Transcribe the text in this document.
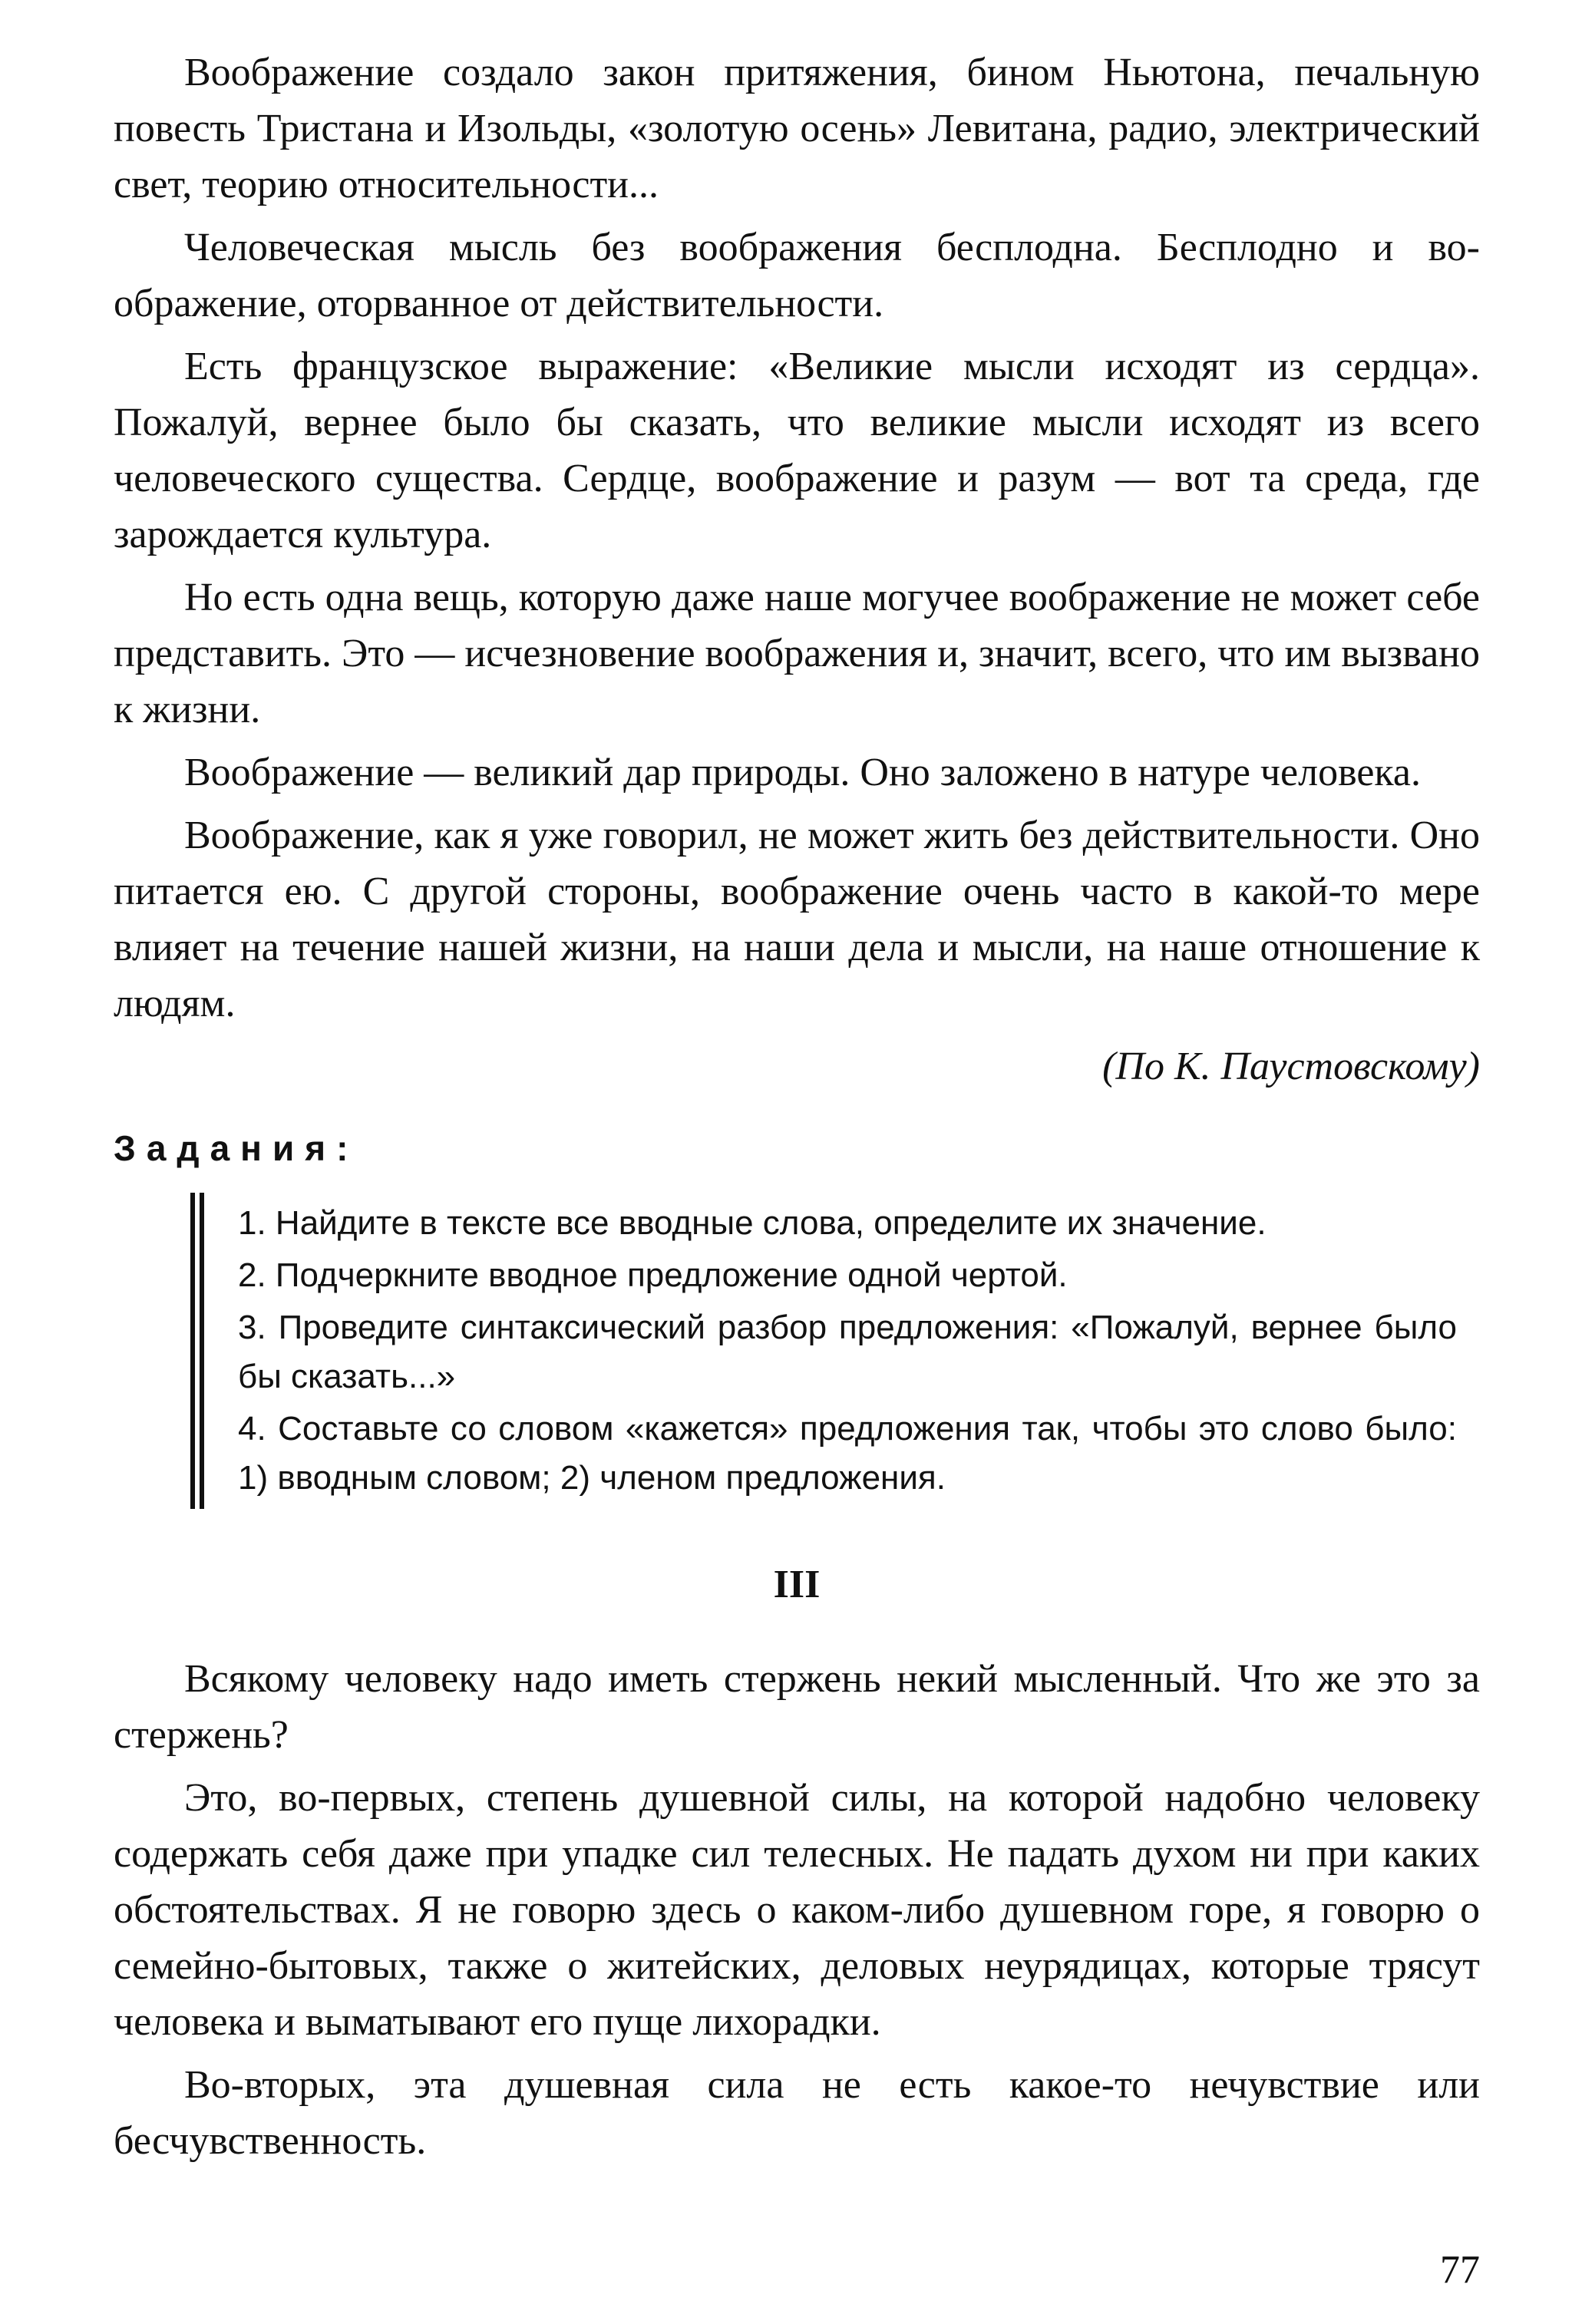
Воображение создало закон притяжения, бином Ньютона, печальную повесть Тристана и Изольды, «золотую осень» Левитана, радио, электрический свет, теорию относительности...

Человеческая мысль без воображения бесплодна. Бесплодно и воображение, оторванное от действительности.

Есть французское выражение: «Великие мысли исходят из сердца». Пожалуй, вернее было бы сказать, что великие мысли исходят из всего человеческого существа. Сердце, воображение и разум — вот та среда, где зарождается культура.

Но есть одна вещь, которую даже наше могучее воображение не может себе представить. Это — исчезновение воображения и, значит, всего, что им вызвано к жизни.

Воображение — великий дар природы. Оно заложено в натуре человека.

Воображение, как я уже говорил, не может жить без действительности. Оно питается ею. С другой стороны, воображение очень часто в какой-то мере влияет на течение нашей жизни, на наши дела и мысли, на наше отношение к людям.

(По К. Паустовскому)

Задания:

1. Найдите в тексте все вводные слова, определите их значение.

2. Подчеркните вводное предложение одной чертой.

3. Проведите синтаксический разбор предложения: «Пожалуй, вернее было бы сказать...»

4. Составьте со словом «кажется» предложения так, чтобы это слово было: 1) вводным словом; 2) членом предложения.

III

Всякому человеку надо иметь стержень некий мысленный. Что же это за стержень?

Это, во-первых, степень душевной силы, на которой надобно человеку содержать себя даже при упадке сил телесных. Не падать духом ни при каких обстоятельствах. Я не говорю здесь о каком-либо душевном горе, я говорю о семейно-бытовых, также о житейских, деловых неурядицах, которые трясут человека и выматывают его пуще лихорадки.

Во-вторых, эта душевная сила не есть какое-то нечувствие или бесчувственность.

77
